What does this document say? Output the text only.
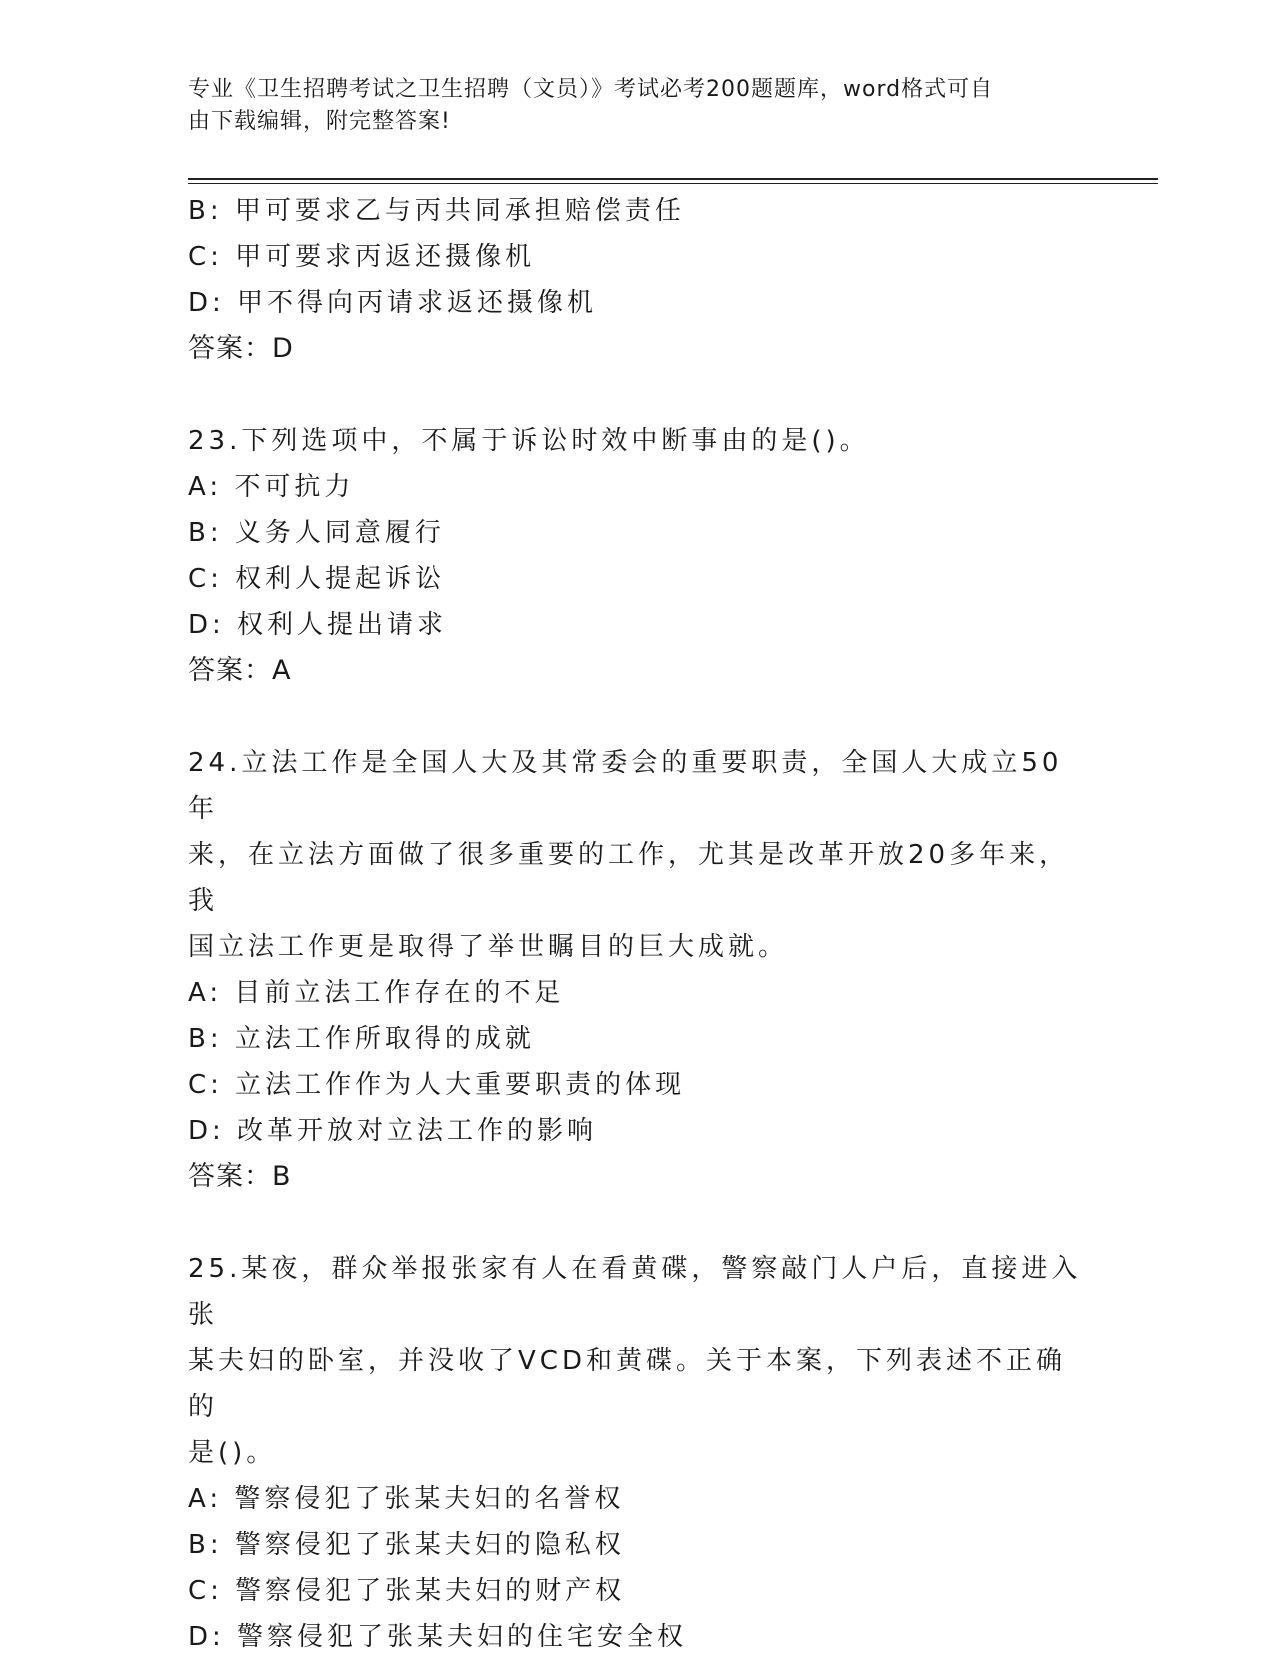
专业《卫生招聘考试之卫生招聘（文员）》考试必考200题题库，word格式可自
由下载编辑，附完整答案!
B: 甲可要求乙与丙共同承担赔偿责任
C: 甲可要求丙返还摄像机
D: 甲不得向丙请求返还摄像机
答案：D
23.下列选项中，不属于诉讼时效中断事由的是()。
A: 不可抗力
B: 义务人同意履行
C: 权利人提起诉讼
D: 权利人提出请求
答案：A
24.立法工作是全国人大及其常委会的重要职责，全国人大成立50年
来，在立法方面做了很多重要的工作，尤其是改革开放20多年来，我
国立法工作更是取得了举世瞩目的巨大成就。
A: 目前立法工作存在的不足
B: 立法工作所取得的成就
C: 立法工作作为人大重要职责的体现
D: 改革开放对立法工作的影响
答案：B
25.某夜，群众举报张家有人在看黄碟，警察敲门人户后，直接进入张
某夫妇的卧室，并没收了VCD和黄碟。关于本案，下列表述不正确的
是()。
A: 警察侵犯了张某夫妇的名誉权
B: 警察侵犯了张某夫妇的隐私权
C: 警察侵犯了张某夫妇的财产权
D: 警察侵犯了张某夫妇的住宅安全权
